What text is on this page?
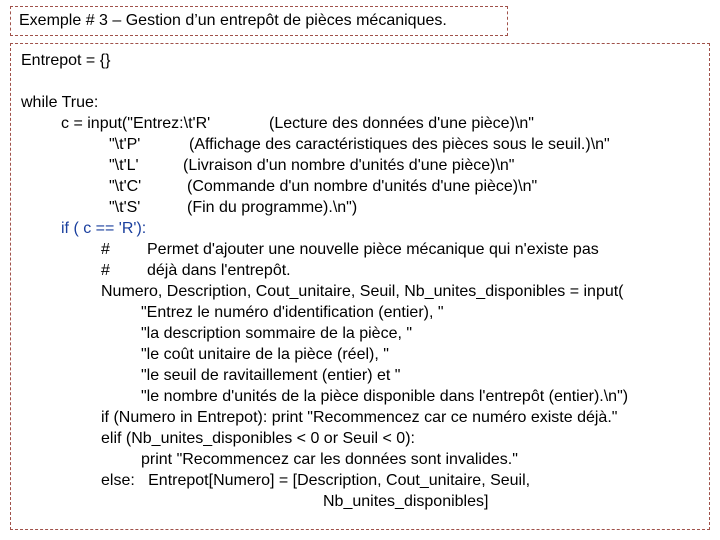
Exemple # 3 – Gestion d’un entrepôt de pièces mécaniques.
Entrepot = {}
while True:
c = input("Entrez:\t'R'	(Lecture des données d'une pièce)\n"
"\t'P'	(Affichage des caractéristiques des pièces sous le seuil.)\n"
"\t'L'	(Livraison d'un nombre d'unités d'une pièce)\n"
"\t'C'	(Commande d'un nombre d'unités d'une pièce)\n"
"\t'S'	(Fin du programme).\n")
if ( c == 'R'):
# Permet d'ajouter une nouvelle pièce mécanique qui n'existe pas
# déjà dans l'entrepôt.
Numero, Description, Cout_unitaire, Seuil, Nb_unites_disponibles = input(
"Entrez le numéro d'identification (entier), "
"la description sommaire de la pièce, "
"le coût unitaire de la pièce (réel), "
"le seuil de ravitaillement (entier) et "
"le nombre d'unités de la pièce disponible dans l'entrepôt (entier).\n")
if (Numero in Entrepot): print "Recommencez car ce numéro existe déjà."
elif (Nb_unites_disponibles < 0 or Seuil < 0):
print "Recommencez car les données sont invalides."
else:   Entrepot[Numero] = [Description, Cout_unitaire, Seuil,
Nb_unites_disponibles]
